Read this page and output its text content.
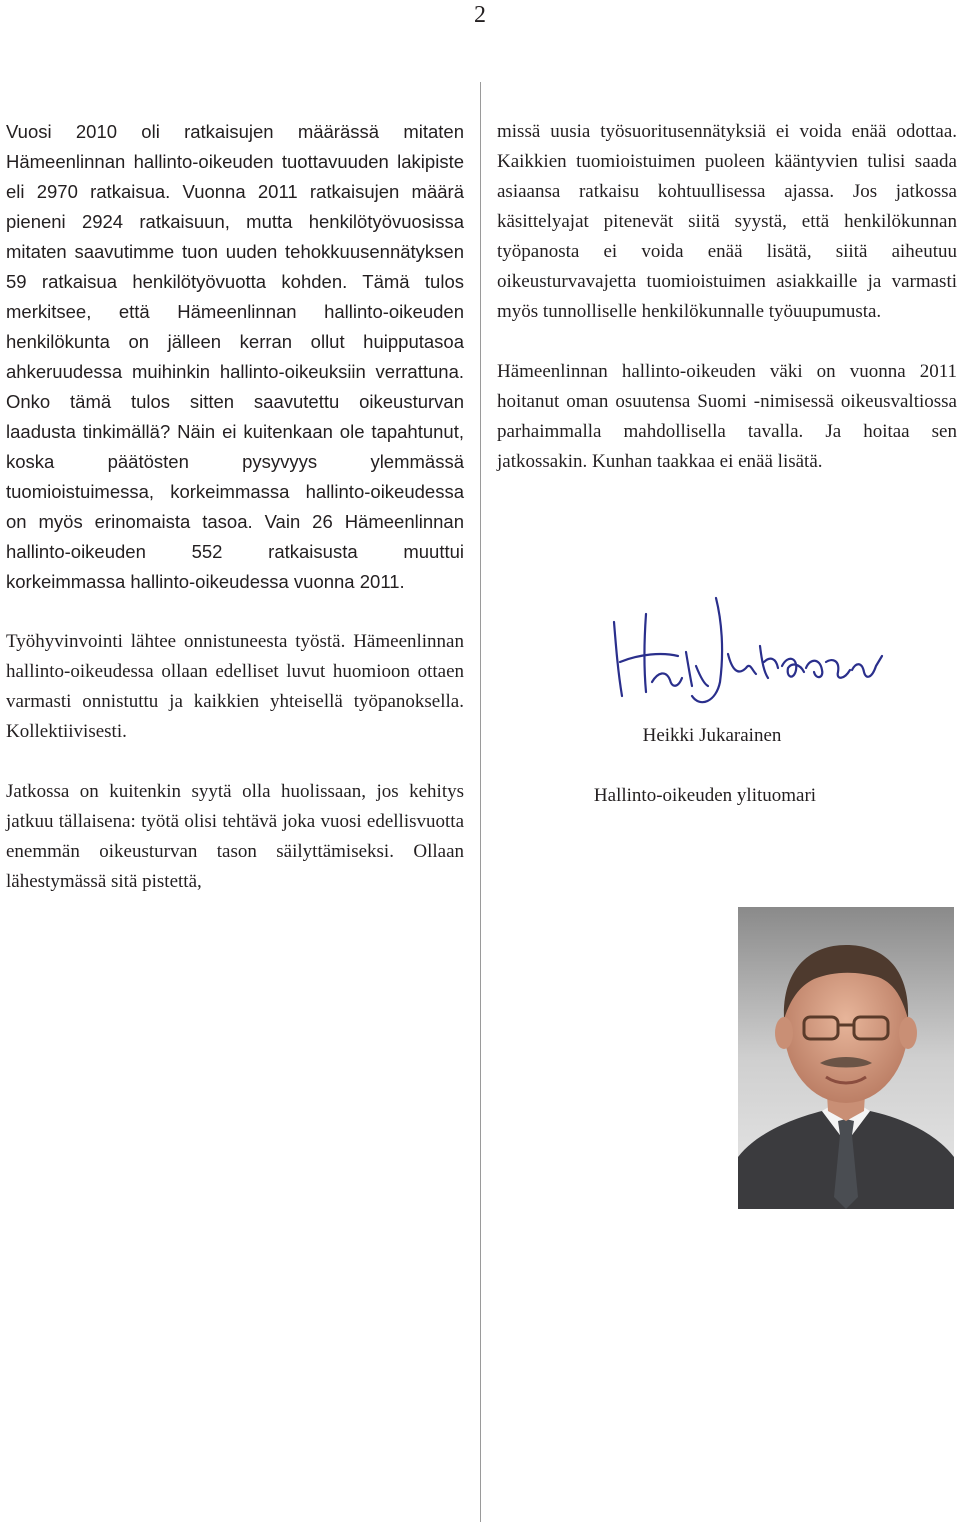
2

Vuosi 2010 oli ratkaisujen määrässä mitaten Hämeenlinnan hallinto-oikeuden tuottavuuden lakipiste eli 2970 ratkaisua. Vuonna 2011 ratkaisujen määrä pieneni 2924 ratkaisuun, mutta henkilötyövuosissa mitaten saavutimme tuon uuden tehokkuusennätyksen 59 ratkaisua henkilötyövuotta kohden. Tämä tulos merkitsee, että Hämeenlinnan hallinto-oikeuden henkilökunta on jälleen kerran ollut huipputasoa ahkeruudessa muihinkin hallinto-oikeuksiin verrattuna. Onko tämä tulos sitten saavutettu oikeusturvan laadusta tinkimällä? Näin ei kuitenkaan ole tapahtunut, koska päätösten pysyvyys ylemmässä tuomioistuimessa, korkeimmassa hallinto-oikeudessa on myös erinomaista tasoa. Vain 26 Hämeenlinnan hallinto-oikeuden 552 ratkaisusta muuttui korkeimmassa hallinto-oikeudessa vuonna 2011.

Työhyvinvointi lähtee onnistuneesta työstä. Hämeenlinnan hallinto-oikeudessa ollaan edelliset luvut huomioon ottaen varmasti onnistuttu ja kaikkien yhteisellä työpanoksella. Kollektiivisesti.

Jatkossa on kuitenkin syytä olla huolissaan, jos kehitys jatkuu tällaisena: työtä olisi tehtävä joka vuosi edellisvuotta enemmän oikeusturvan tason säilyttämiseksi. Ollaan lähestymässä sitä pistettä,

missä uusia työsuoritusennätyksiä ei voida enää odottaa. Kaikkien tuomioistuimen puoleen kääntyvien tulisi saada asiaansa ratkaisu kohtuullisessa ajassa. Jos jatkossa käsittelyajat pitenevät siitä syystä, että henkilökunnan työpanosta ei voida enää lisätä, siitä aiheutuu oikeusturvavajetta tuomioistuimen asiakkaille ja varmasti myös tunnolliselle henkilökunnalle työuupumusta.

Hämeenlinnan hallinto-oikeuden väki on vuonna 2011 hoitanut oman osuutensa Suomi -nimisessä oikeusvaltiossa parhaimmalla mahdollisella tavalla. Ja hoitaa sen jatkossakin. Kunhan taakkaa ei enää lisätä.

Heikki Jukarainen
Hallinto-oikeuden ylituomari
